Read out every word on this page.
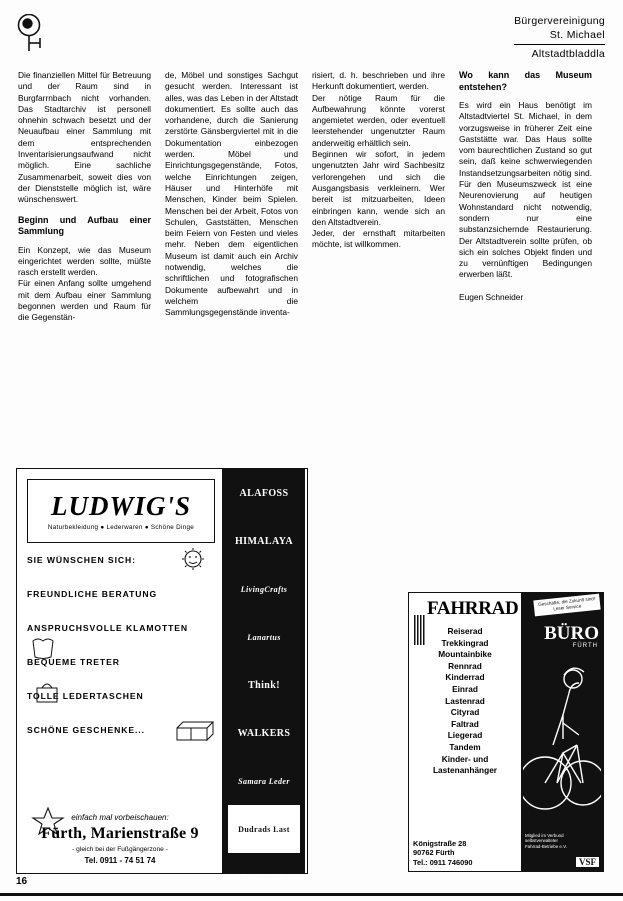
Bürgervereinigung
St. Michael
Altstadtbladdla

Die finanziellen Mittel für Betreuung und der Raum sind in Burgfarrnbach nicht vorhanden. Das Stadtarchiv ist personell ohnehin schwach besetzt und der Neuaufbau einer Sammlung mit dem entsprechenden Inventarisierungsaufwand nicht möglich. Eine sachliche Zusammenarbeit, soweit dies von der Dienststelle möglich ist, wäre wünschenswert.

Beginn und Aufbau einer Sammlung

Ein Konzept, wie das Museum eingerichtet werden sollte, müßte rasch erstellt werden.

Für einen Anfang sollte umgehend mit dem Aufbau einer Sammlung begonnen werden und Raum für die Gegenstän-

de, Möbel und sonstiges Sachgut gesucht werden. Interessant ist alles, was das Leben in der Altstadt dokumentiert. Es sollte auch das vorhandene, durch die Sanierung zerstörte Gänsbergviertel mit in die Dokumentation einbezogen werden. Möbel und Einrichtungsgegenstände, Fotos, welche Einrichtungen zeigen, Häuser und Hinterhöfe mit Menschen, Kinder beim Spielen. Menschen bei der Arbeit, Fotos von Schulen, Gaststätten, Menschen beim Feiern von Festen und vieles mehr. Neben dem eigentlichen Museum ist damit auch ein Archiv notwendig, welches die schriftlichen und fotografischen Dokumente aufbewahrt und in welchem die Sammlungsgegenstände inventa-

risiert, d. h. beschrieben und ihre Herkunft dokumentiert, werden.

Der nötige Raum für die Aufbewahrung könnte vorerst angemietet werden, oder eventuell leerstehender ungenutzter Raum anderweitig erhältlich sein.

Beginnen wir sofort, in jedem ungenutzten Jahr wird Sachbesitz verlorengehen und sich die Ausgangsbasis verkleinern. Wer bereit ist mitzuarbeiten, Ideen einbringen kann, wende sich an den Altstadtverein.

Jeder, der ernsthaft mitarbeiten möchte, ist willkommen.

Wo kann das Museum entstehen?

Es wird ein Haus benötigt im Altstadtviertel St. Michael, in dem vorzugsweise in früherer Zeit eine Gaststätte war. Das Haus sollte vom baurechtlichen Zustand so gut sein, daß keine schwerwiegenden Instandsetzungsarbeiten nötig sind. Für den Museumszweck ist eine Neurenovierung auf heutigen Wohnstandard nicht notwendig, sondern nur eine substanzsichernde Restaurierung. Der Altstadtverein sollte prüfen, ob sich ein solches Objekt finden und zu vernünftigen Bedingungen erwerben läßt.

Eugen Schneider
LUDWIG'S
Naturbekleidung ● Lederwaren ● Schöne Dinge
SIE WÜNSCHEN SICH:
FREUNDLICHE BERATUNG
ANSPRUCHSVOLLE KLAMOTTEN
BEQUEME TRETER
TOLLE LEDERTASCHEN
SCHÖNE GESCHENKE...
einfach mal vorbeischauen:
Fürth, Marienstraße 9
- gleich bei der Fußgängerzone -
Tel. 0911 - 74 51 74
ALAFOSS
HIMALAYA
LivingCrafts
Lanartus
Think!
WALKERS
Samara Leder
Dudrads Last
BOSBOOM
FAHRRAD
Reiserad
Trekkingrad
Mountainbike
Rennrad
Kinderrad
Einrad
Lastenrad
Cityrad
Faltrad
Liegerad
Tandem
Kinder- und
Lastenanhänger
Königstraße 28
90762 Fürth
Tel.: 0911 746090
Geschäfte, die Zukunft sind! Leser Service
BÜRO
FÜRTH
Mitglied im Verbund selbstverwalteter Fahrrad-Betriebe e.V.
VSF
16
